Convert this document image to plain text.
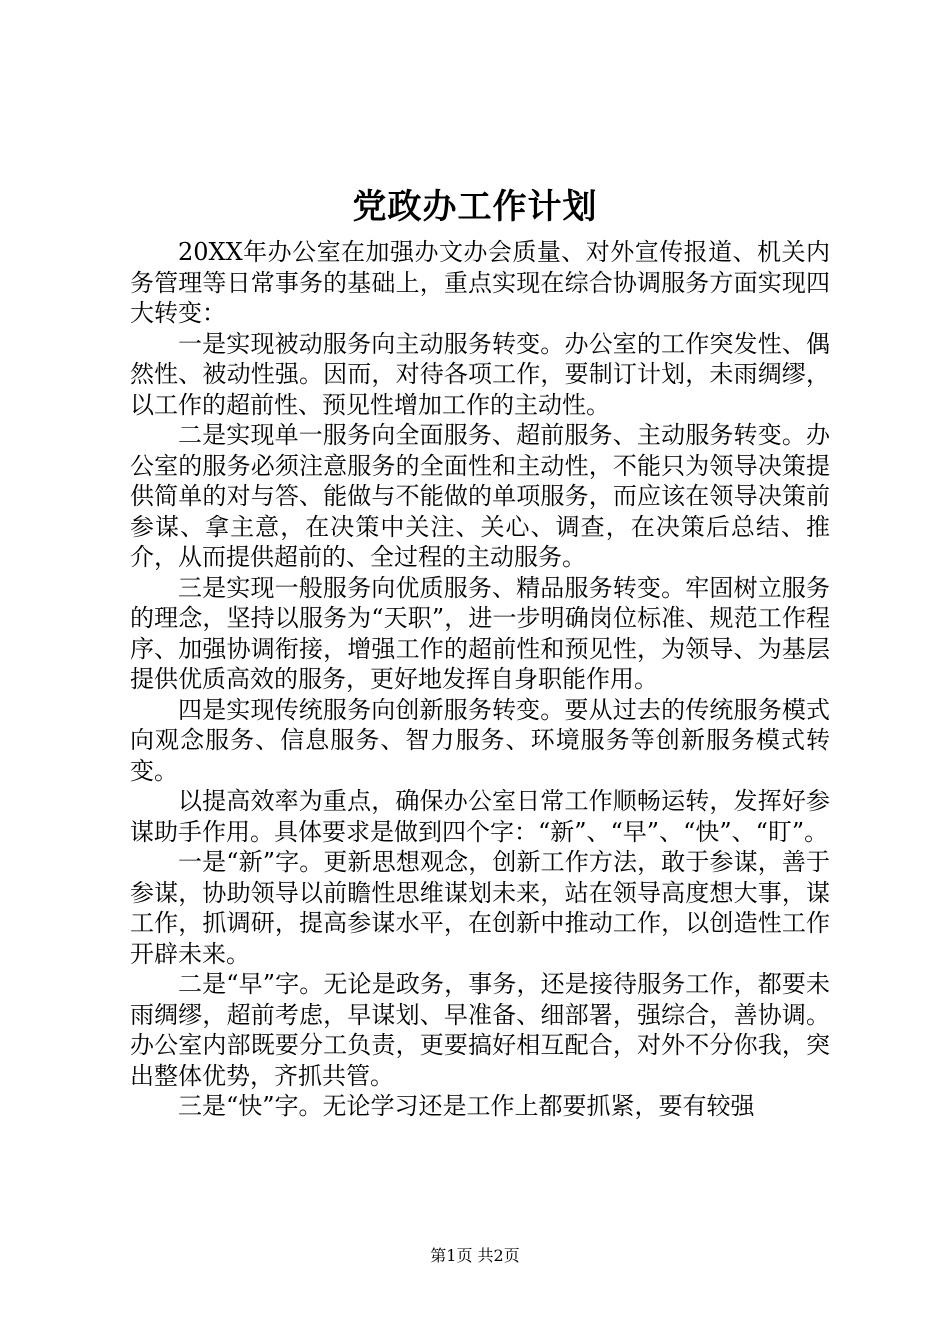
党政办工作计划

20XX年办公室在加强办文办会质量、对外宣传报道、机关内务管理等日常事务的基础上，重点实现在综合协调服务方面实现四大转变：

一是实现被动服务向主动服务转变。办公室的工作突发性、偶然性、被动性强。因而，对待各项工作，要制订计划，未雨绸缪，以工作的超前性、预见性增加工作的主动性。

二是实现单一服务向全面服务、超前服务、主动服务转变。办公室的服务必须注意服务的全面性和主动性，不能只为领导决策提供简单的对与答、能做与不能做的单项服务，而应该在领导决策前参谋、拿主意，在决策中关注、关心、调查，在决策后总结、推介，从而提供超前的、全过程的主动服务。

三是实现一般服务向优质服务、精品服务转变。牢固树立服务的理念，坚持以服务为“天职”，进一步明确岗位标准、规范工作程序、加强协调衔接，增强工作的超前性和预见性，为领导、为基层提供优质高效的服务，更好地发挥自身职能作用。

四是实现传统服务向创新服务转变。要从过去的传统服务模式向观念服务、信息服务、智力服务、环境服务等创新服务模式转变。

以提高效率为重点，确保办公室日常工作顺畅运转，发挥好参谋助手作用。具体要求是做到四个字：“新”、“早”、“快”、“盯”。

一是“新”字。更新思想观念，创新工作方法，敢于参谋，善于参谋，协助领导以前瞻性思维谋划未来，站在领导高度想大事，谋工作，抓调研，提高参谋水平，在创新中推动工作，以创造性工作开辟未来。

二是“早”字。无论是政务，事务，还是接待服务工作，都要未雨绸缪，超前考虑，早谋划、早准备、细部署，强综合，善协调。办公室内部既要分工负责，更要搞好相互配合，对外不分你我，突出整体优势，齐抓共管。

三是“快”字。无论学习还是工作上都要抓紧，要有较强

第1页 共2页
